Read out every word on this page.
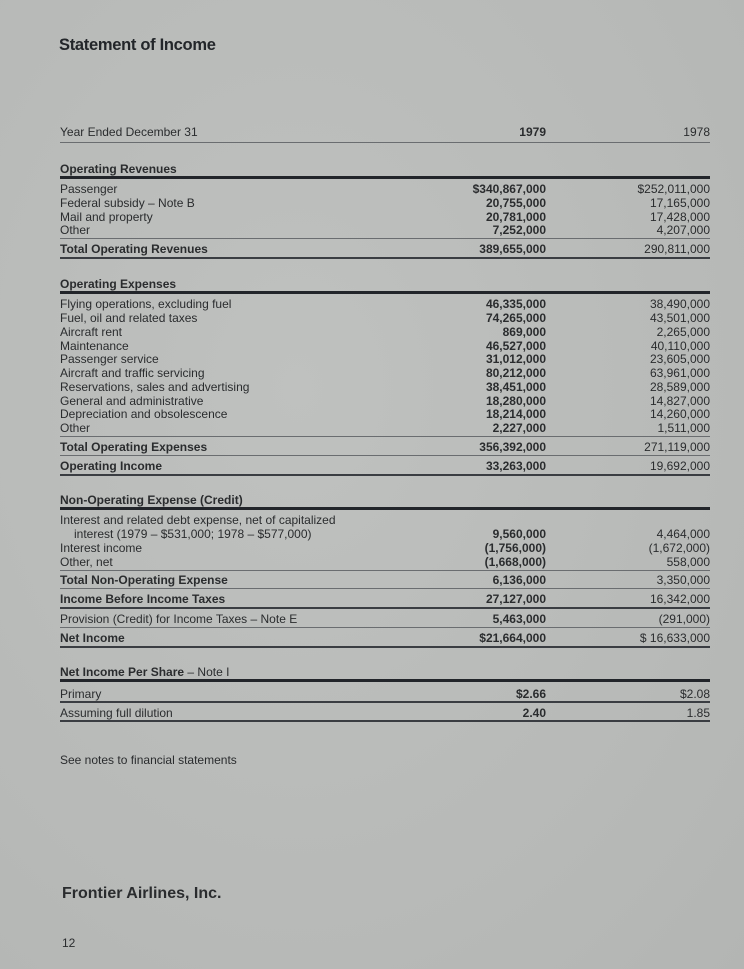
Statement of Income
Year Ended December 31	1979	1978
Operating Revenues
Passenger	$340,867,000	$252,011,000
Federal subsidy – Note B	20,755,000	17,165,000
Mail and property	20,781,000	17,428,000
Other	7,252,000	4,207,000
Total Operating Revenues	389,655,000	290,811,000
Operating Expenses
Flying operations, excluding fuel	46,335,000	38,490,000
Fuel, oil and related taxes	74,265,000	43,501,000
Aircraft rent	869,000	2,265,000
Maintenance	46,527,000	40,110,000
Passenger service	31,012,000	23,605,000
Aircraft and traffic servicing	80,212,000	63,961,000
Reservations, sales and advertising	38,451,000	28,589,000
General and administrative	18,280,000	14,827,000
Depreciation and obsolescence	18,214,000	14,260,000
Other	2,227,000	1,511,000
Total Operating Expenses	356,392,000	271,119,000
Operating Income	33,263,000	19,692,000
Non-Operating Expense (Credit)
Interest and related debt expense, net of capitalized
interest (1979 – $531,000; 1978 – $577,000)	9,560,000	4,464,000
Interest income	(1,756,000)	(1,672,000)
Other, net	(1,668,000)	558,000
Total Non-Operating Expense	6,136,000	3,350,000
Income Before Income Taxes	27,127,000	16,342,000
Provision (Credit) for Income Taxes – Note E	5,463,000	(291,000)
Net Income	$21,664,000	$ 16,633,000
Net Income Per Share – Note I
Primary	$2.66	$2.08
Assuming full dilution	2.40	1.85
See notes to financial statements
Frontier Airlines, Inc.
12
